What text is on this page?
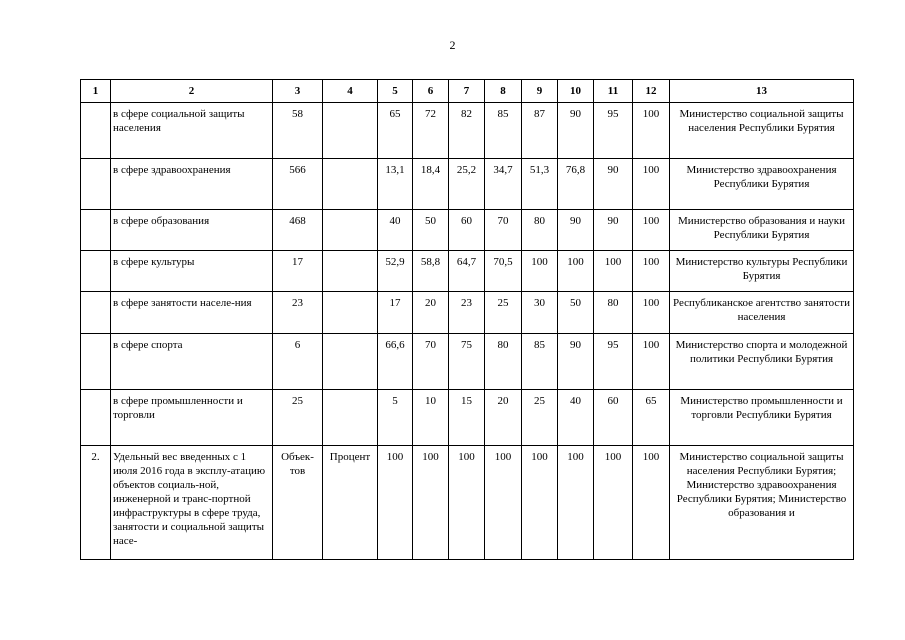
2
1	2	3	4	5	6	7	8	9	10	11	12	13
	в сфере социальной защиты населения	58		65	72	82	85	87	90	95	100	Министерство социальной защиты населения Республики Бурятия
	в сфере здравоохранения	566		13,1	18,4	25,2	34,7	51,3	76,8	90	100	Министерство здравоохранения Республики Бурятия
	в сфере образования	468		40	50	60	70	80	90	90	100	Министерство образования и науки Республики Бурятия
	в сфере культуры	17		52,9	58,8	64,7	70,5	100	100	100	100	Министерство культуры Республики Бурятия
	в сфере занятости населе-ния	23		17	20	23	25	30	50	80	100	Республиканское агентство занятости населения
	в сфере спорта	6		66,6	70	75	80	85	90	95	100	Министерство спорта и молодежной политики Республики Бурятия
	в сфере промышленности и торговли	25		5	10	15	20	25	40	60	65	Министерство промышленности и торговли Республики Бурятия
2.	Удельный вес введенных с 1 июля 2016 года в эксплу-атацию объектов социаль-ной, инженерной и транс-портной инфраструктуры в сфере труда, занятости и социальной защиты насе-	Объек-тов	Процент	100	100	100	100	100	100	100	100	Министерство социальной защиты населения Республики Бурятия; Министерство здравоохранения Республики Бурятия; Министерство образования и
